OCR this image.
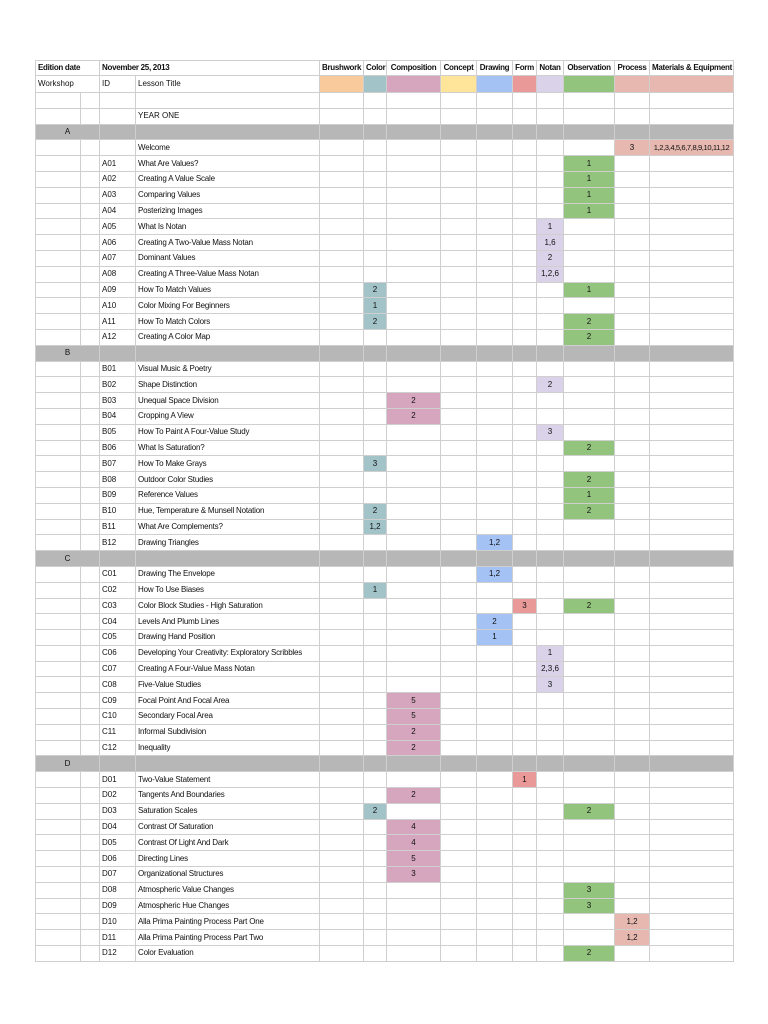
Edition date		November 25, 2013		Brushwork	Color	Composition	Concept	Drawing	Form	Notan	Observation	Process	Materials & Equipment
Workshop		ID	Lesson Title										

			YEAR ONE										
A													
			Welcome									3	1,2,3,4,5,6,7,8,9,10,11,12
		A01	What Are Values?								1		
		A02	Creating A Value Scale								1		
		A03	Comparing Values								1		
		A04	Posterizing Images								1		
		A05	What Is Notan							1			
		A06	Creating A Two-Value Mass Notan							1,6			
		A07	Dominant Values							2			
		A08	Creating A Three-Value Mass Notan							1,2,6			
		A09	How To Match Values		2						1		
		A10	Color Mixing For Beginners		1								
		A11	How To Match Colors		2						2		
		A12	Creating A Color Map								2		
B													
		B01	Visual Music & Poetry										
		B02	Shape Distinction							2			
		B03	Unequal Space Division			2							
		B04	Cropping A View			2							
		B05	How To Paint A Four-Value Study							3			
		B06	What Is Saturation?								2		
		B07	How To Make Grays		3								
		B08	Outdoor Color Studies								2		
		B09	Reference Values								1		
		B10	Hue, Temperature & Munsell Notation		2						2		
		B11	What Are Complements?		1,2								
		B12	Drawing Triangles					1,2					
C													
		C01	Drawing The Envelope					1,2					
		C02	How To Use Biases		1								
		C03	Color Block Studies - High Saturation						3		2		
		C04	Levels And Plumb Lines					2					
		C05	Drawing Hand Position					1					
		C06	Developing Your Creativity: Exploratory Scribbles							1			
		C07	Creating A Four-Value Mass Notan							2,3,6			
		C08	Five-Value Studies							3			
		C09	Focal Point And Focal Area			5							
		C10	Secondary Focal Area			5							
		C11	Informal Subdivision			2							
		C12	Inequality			2							
D													
		D01	Two-Value Statement						1				
		D02	Tangents And Boundaries			2							
		D03	Saturation Scales		2						2		
		D04	Contrast Of Saturation			4							
		D05	Contrast Of Light And Dark			4							
		D06	Directing Lines			5							
		D07	Organizational Structures			3							
		D08	Atmospheric Value Changes								3		
		D09	Atmospheric Hue Changes								3		
		D10	Alla Prima Painting Process Part One									1,2	
		D11	Alla Prima Painting Process Part Two									1,2	
		D12	Color Evaluation								2		
